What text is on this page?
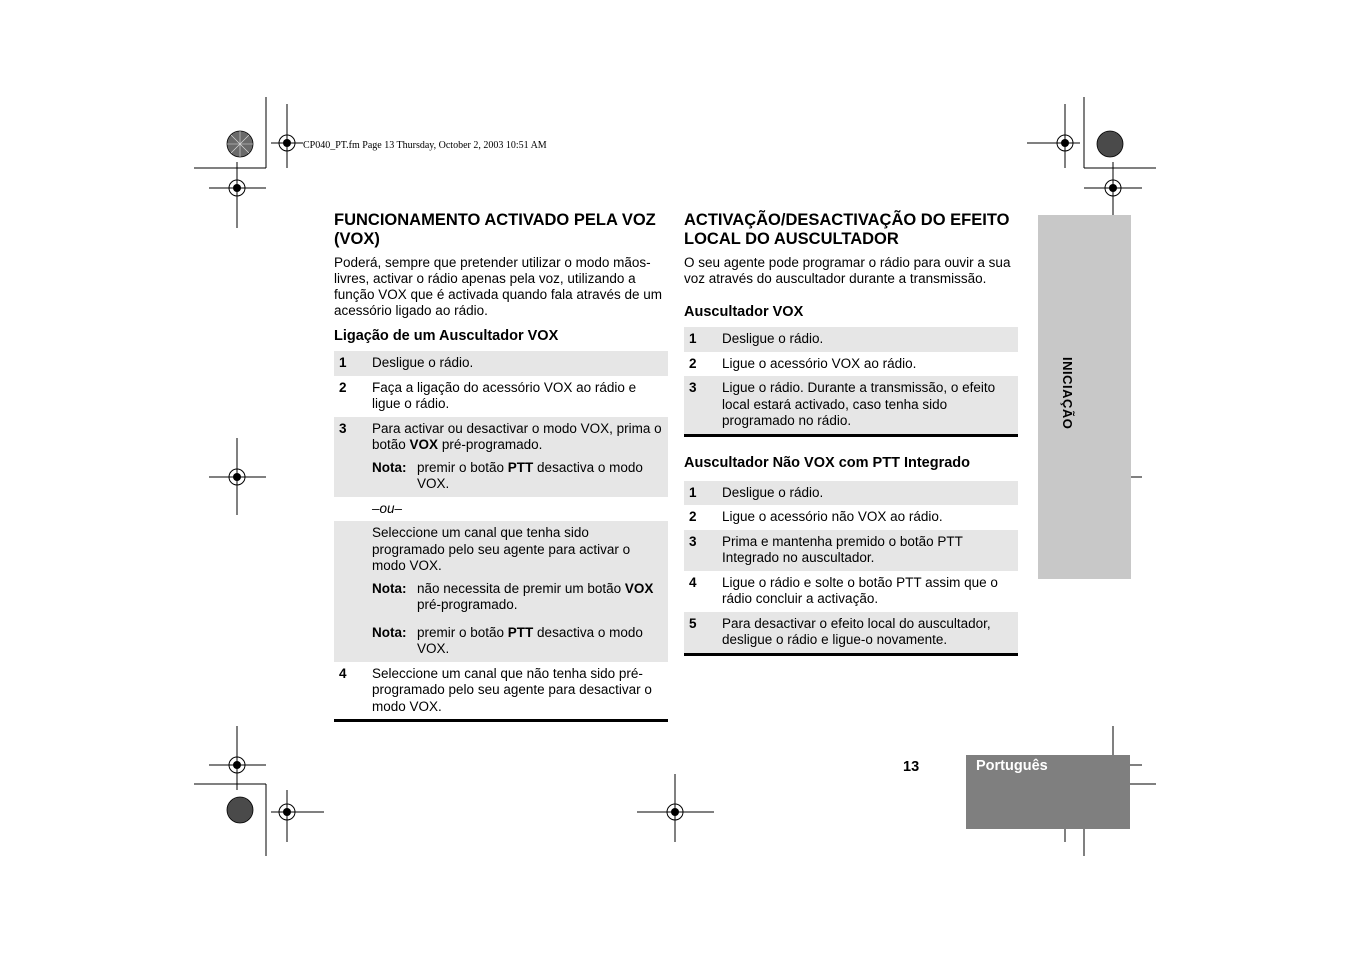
CP040_PT.fm Page 13 Thursday, October 2, 2003 10:51 AM
INICIAÇÃO
FUNCIONAMENTO ACTIVADO PELA VOZ (VOX)

Poderá, sempre que pretender utilizar o modo mãos-livres, activar o rádio apenas pela voz, utilizando a função VOX que é activada quando fala através de um acessório ligado ao rádio.

Ligação de um Auscultador VOX
1	Desligue o rádio.
2	Faça a ligação do acessório VOX ao rádio e ligue o rádio.
3	Para activar ou desactivar o modo VOX, prima o botão VOX pré-programado.
Nota: premir o botão PTT desactiva o modo VOX.

	–ou–
	Seleccione um canal que tenha sido programado pelo seu agente para activar o modo VOX.
Nota: não necessita de premir um botão VOX pré-programado.
Nota: premir o botão PTT desactiva o modo VOX.

4	Seleccione um canal que não tenha sido pré-programado pelo seu agente para desactivar o modo VOX.
ACTIVAÇÃO/DESACTIVAÇÃO DO EFEITO LOCAL DO AUSCULTADOR

O seu agente pode programar o rádio para ouvir a sua voz através do auscultador durante a transmissão.

Auscultador VOX
1	Desligue o rádio.
2	Ligue o acessório VOX ao rádio.
3	Ligue o rádio. Durante a transmissão, o efeito local estará activado, caso tenha sido programado no rádio.
Auscultador Não VOX com PTT Integrado
1	Desligue o rádio.
2	Ligue o acessório não VOX ao rádio.
3	Prima e mantenha premido o botão PTT Integrado no auscultador.
4	Ligue o rádio e solte o botão PTT assim que o rádio concluir a activação.
5	Para desactivar o efeito local do auscultador, desligue o rádio e ligue-o novamente.
13	Português
